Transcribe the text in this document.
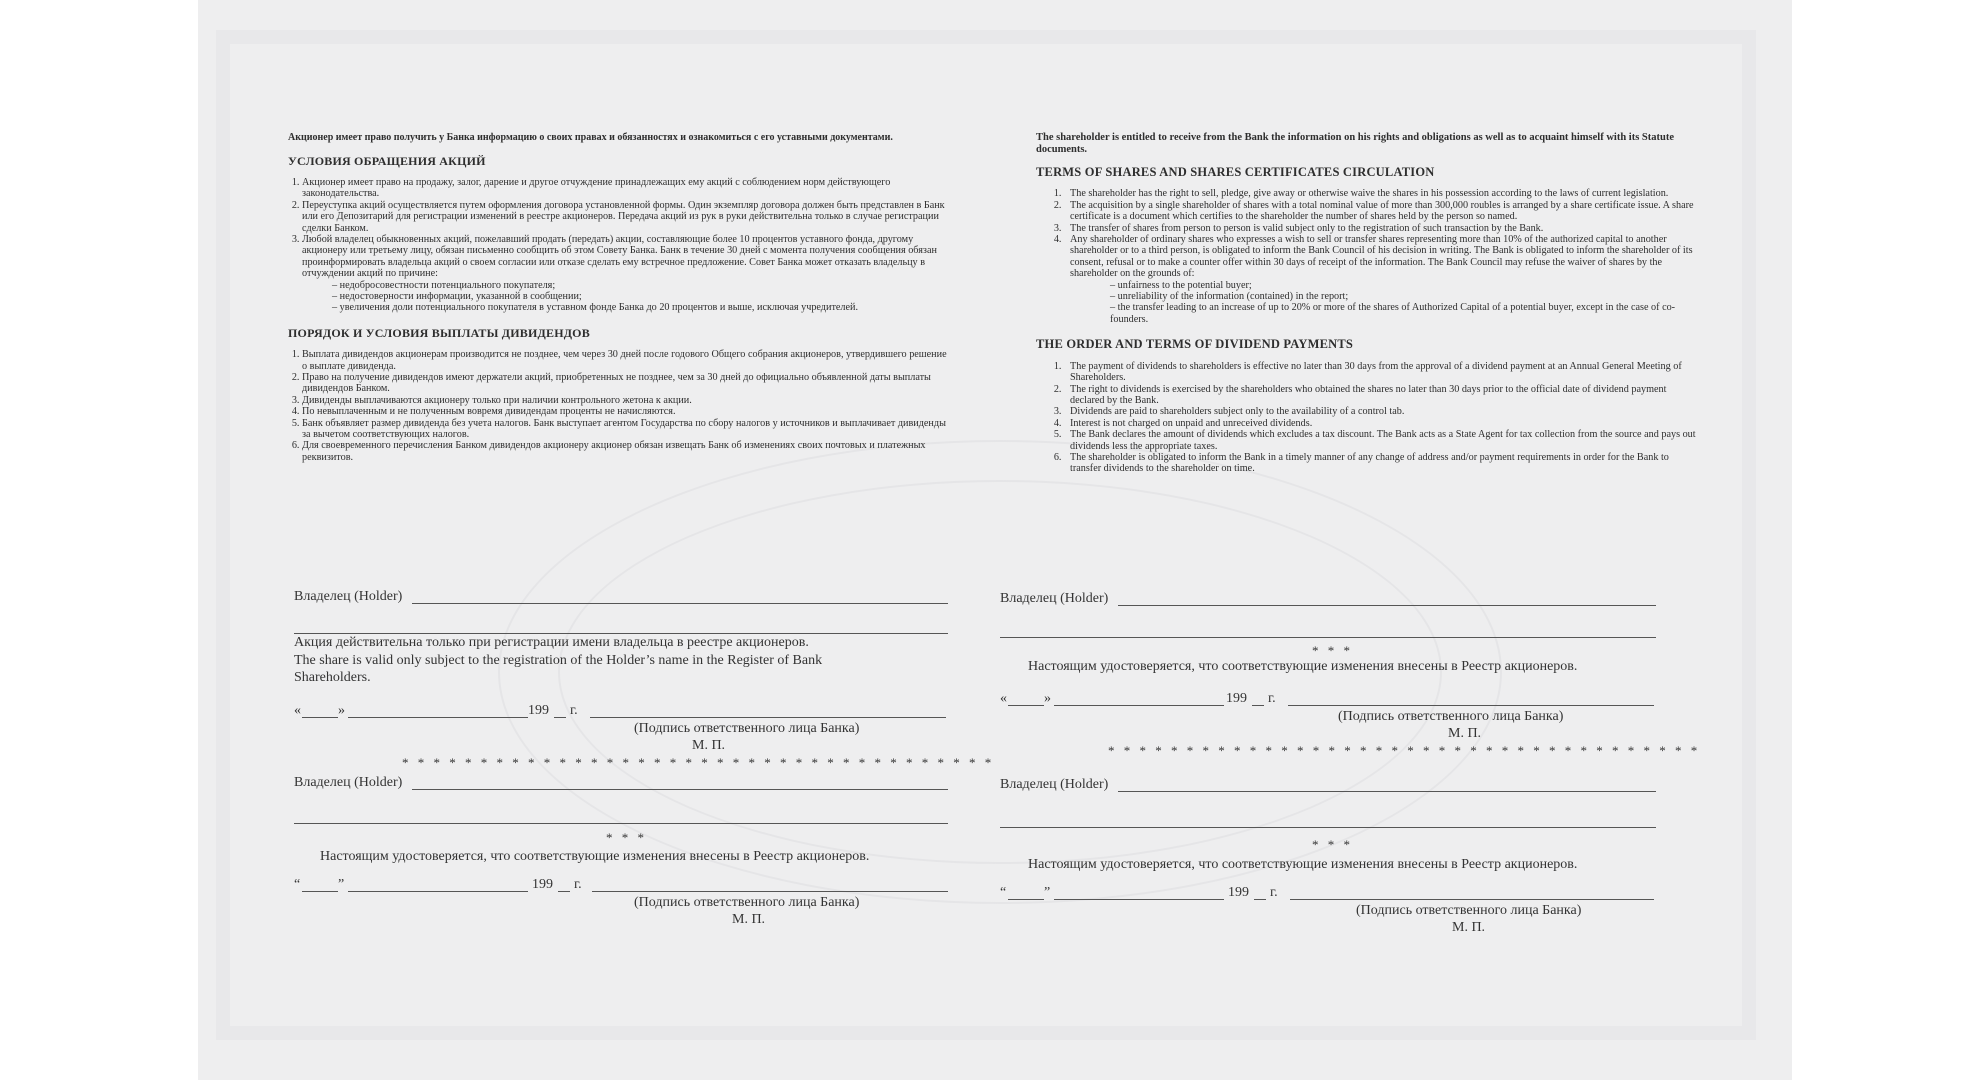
Акционер имеет право получить у Банка информацию о своих правах и обязанностях и ознакомиться с его уставными документами.
УСЛОВИЯ ОБРАЩЕНИЯ АКЦИЙ
1. Акционер имеет право на продажу, залог, дарение и другое отчуждение принадлежащих ему акций с соблюдением норм действующего законодательства.
2. Переуступка акций осуществляется путем оформления договора установленной формы. Один экземпляр договора должен быть представлен в Банк или его Депозитарий для регистрации изменений в реестре акционеров. Передача акций из рук в руки действительна только в случае регистрации сделки Банком.
3. Любой владелец обыкновенных акций, пожелавший продать (передать) акции, составляющие более 10 процентов уставного фонда, другому акционеру или третьему лицу, обязан письменно сообщить об этом Совету Банка. Банк в течение 30 дней с момента получения сообщения обязан проинформировать владельца акций о своем согласии или отказе сделать ему встречное предложение. Совет Банка может отказать владельцу в отчуждении акций по причине:
– недобросовестности потенциального покупателя;
– недостоверности информации, указанной в сообщении;
– увеличения доли потенциального покупателя в уставном фонде Банка до 20 процентов и выше, исключая учредителей.
ПОРЯДОК И УСЛОВИЯ ВЫПЛАТЫ ДИВИДЕНДОВ
1. Выплата дивидендов акционерам производится не позднее, чем через 30 дней после годового Общего собрания акционеров, утвердившего решение о выплате дивиденда.
2. Право на получение дивидендов имеют держатели акций, приобретенных не позднее, чем за 30 дней до официально объявленной даты выплаты дивидендов Банком.
3. Дивиденды выплачиваются акционеру только при наличии контрольного жетона к акции.
4. По невыплаченным и не полученным вовремя дивидендам проценты не начисляются.
5. Банк объявляет размер дивиденда без учета налогов. Банк выступает агентом Государства по сбору налогов у источников и выплачивает дивиденды за вычетом соответствующих налогов.
6. Для своевременного перечисления Банком дивидендов акционеру акционер обязан извещать Банк об изменениях своих почтовых и платежных реквизитов.
The shareholder is entitled to receive from the Bank the information on his rights and obligations as well as to acquaint himself with its Statute documents.
TERMS OF SHARES AND SHARES CERTIFICATES CIRCULATION
1. The shareholder has the right to sell, pledge, give away or otherwise waive the shares in his possession according to the laws of current legislation.
2. The acquisition by a single shareholder of shares with a total nominal value of more than 300,000 roubles is arranged by a share certificate issue. A share certificate is a document which certifies to the shareholder the number of shares held by the person so named.
3. The transfer of shares from person to person is valid subject only to the registration of such transaction by the Bank.
4. Any shareholder of ordinary shares who expresses a wish to sell or transfer shares representing more than 10% of the authorized capital to another shareholder or to a third person, is obligated to inform the Bank Council of his decision in writing. The Bank is obligated to inform the shareholder of its consent, refusal or to make a counter offer within 30 days of receipt of the information. The Bank Council may refuse the waiver of shares by the shareholder on the grounds of:
– unfairness to the potential buyer;
– unreliability of the information (contained) in the report;
– the transfer leading to an increase of up to 20% or more of the shares of Authorized Capital of a potential buyer, except in the case of co-founders.
THE ORDER AND TERMS OF DIVIDEND PAYMENTS
1. The payment of dividends to shareholders is effective no later than 30 days from the approval of a dividend payment at an Annual General Meeting of Shareholders.
2. The right to dividends is exercised by the shareholders who obtained the shares no later than 30 days prior to the official date of dividend payment declared by the Bank.
3. Dividends are paid to shareholders subject only to the availability of a control tab.
4. Interest is not charged on unpaid and unreceived dividends.
5. The Bank declares the amount of dividends which excludes a tax discount. The Bank acts as a State Agent for tax collection from the source and pays out dividends less the appropriate taxes.
6. The shareholder is obligated to inform the Bank in a timely manner of any change of address and/or payment requirements in order for the Bank to transfer dividends to the shareholder on time.
Владелец (Holder)
Акция действительна только при регистрации имени владельца в реестре акционеров.
The share is valid only subject to the registration of the Holder’s name in the Register of Bank Shareholders.
«	»	199 г.
(Подпись ответственного лица Банка)
М. П.
* * * * * * * * * * * * * * * * * * * * * * * * * * * * * * * * * * * * * *
Владелец (Holder)
* * *
Настоящим удостоверяется, что соответствующие изменения внесены в Реестр акционеров.
“	”	199 г.
(Подпись ответственного лица Банка)
М. П.
Владелец (Holder)
* * *
Настоящим удостоверяется, что соответствующие изменения внесены в Реестр акционеров.
«	»	199 г.
(Подпись ответственного лица Банка)
М. П.
* * * * * * * * * * * * * * * * * * * * * * * * * * * * * * * * * * * * * *
Владелец (Holder)
* * *
Настоящим удостоверяется, что соответствующие изменения внесены в Реестр акционеров.
“	”	199 г.
(Подпись ответственного лица Банка)
М. П.
